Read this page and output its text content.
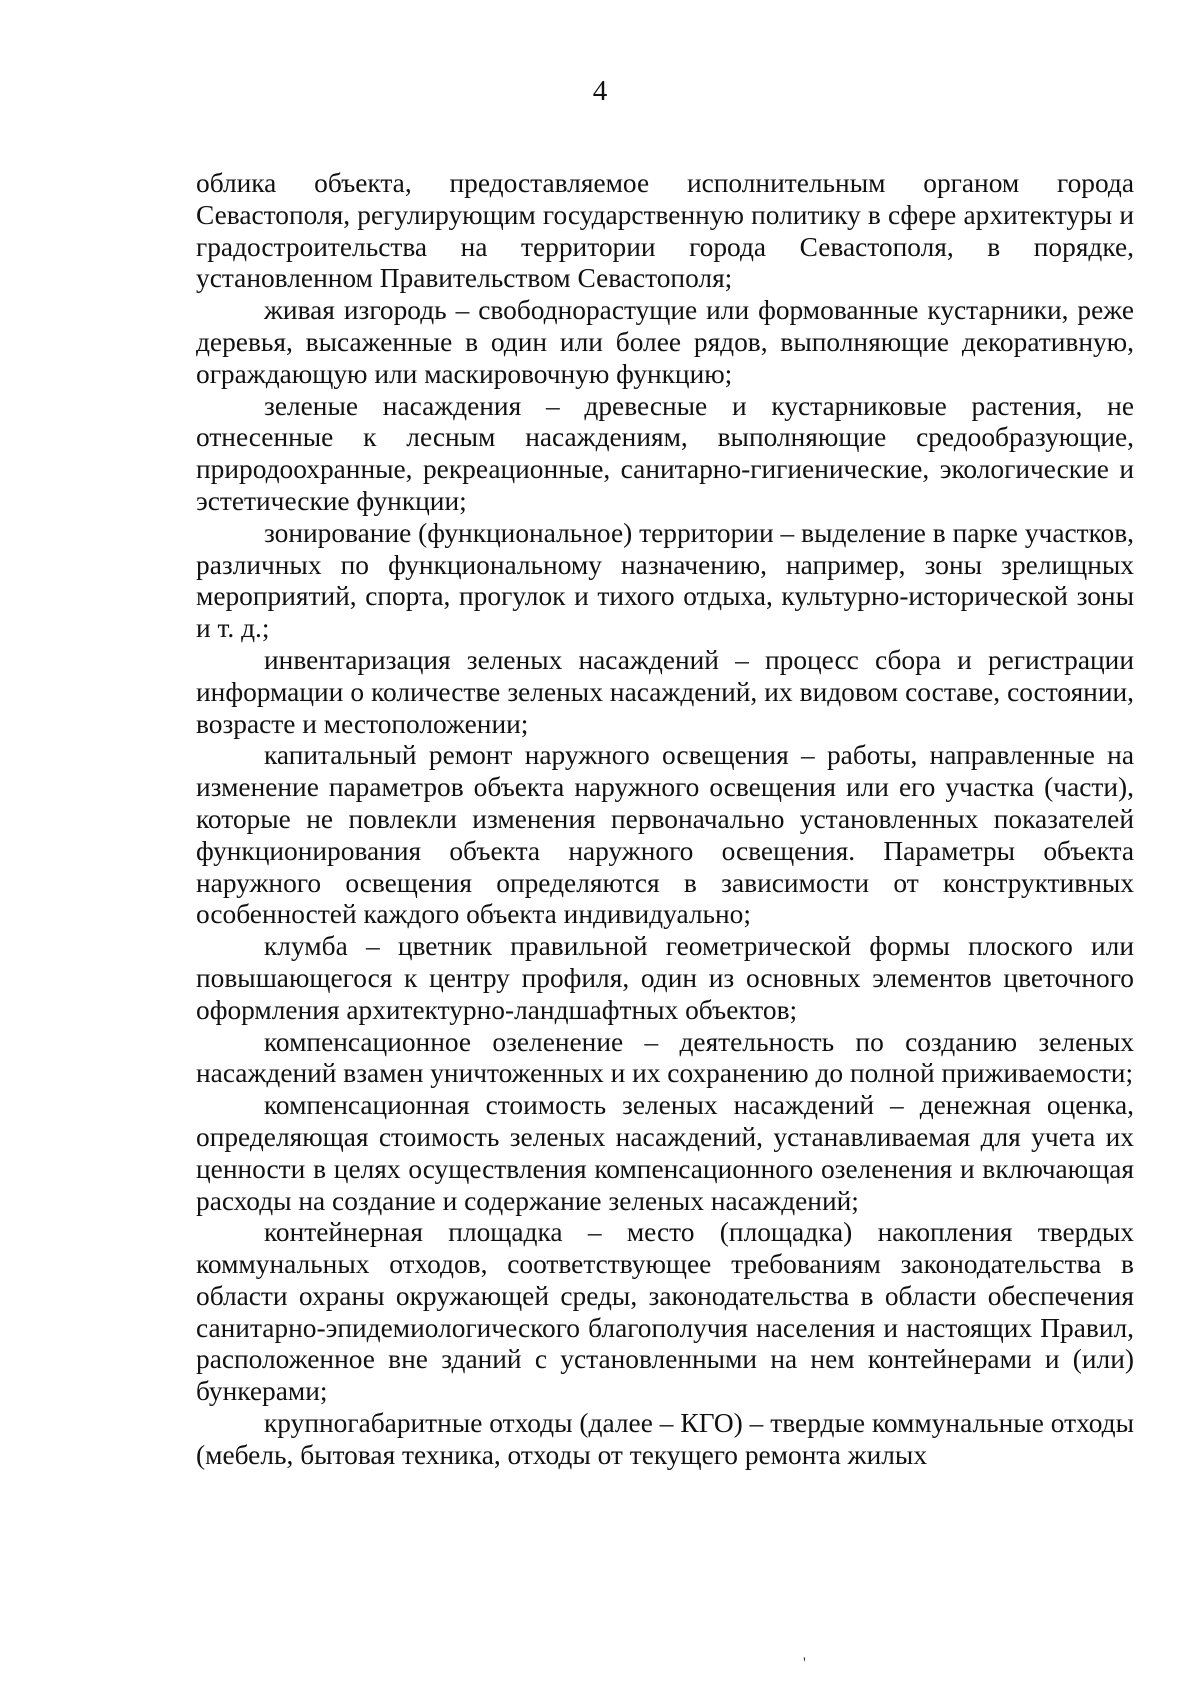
4

облика объекта, предоставляемое исполнительным органом города Севастополя, регулирующим государственную политику в сфере архитектуры и градостроительства на территории города Севастополя, в порядке, установленном Правительством Севастополя;

живая изгородь – свободнорастущие или формованные кустарники, реже деревья, высаженные в один или более рядов, выполняющие декоративную, ограждающую или маскировочную функцию;

зеленые насаждения – древесные и кустарниковые растения, не отнесенные к лесным насаждениям, выполняющие средообразующие, природоохранные, рекреационные, санитарно-гигиенические, экологические и эстетические функции;

зонирование (функциональное) территории – выделение в парке участков, различных по функциональному назначению, например, зоны зрелищных мероприятий, спорта, прогулок и тихого отдыха, культурно-исторической зоны и т. д.;

инвентаризация зеленых насаждений – процесс сбора и регистрации информации о количестве зеленых насаждений, их видовом составе, состоянии, возрасте и местоположении;

капитальный ремонт наружного освещения – работы, направленные на изменение параметров объекта наружного освещения или его участка (части), которые не повлекли изменения первоначально установленных показателей функционирования объекта наружного освещения. Параметры объекта наружного освещения определяются в зависимости от конструктивных особенностей каждого объекта индивидуально;

клумба – цветник правильной геометрической формы плоского или повышающегося к центру профиля, один из основных элементов цветочного оформления архитектурно-ландшафтных объектов;

компенсационное озеленение – деятельность по созданию зеленых насаждений взамен уничтоженных и их сохранению до полной приживаемости;

компенсационная стоимость зеленых насаждений – денежная оценка, определяющая стоимость зеленых насаждений, устанавливаемая для учета их ценности в целях осуществления компенсационного озеленения и включающая расходы на создание и содержание зеленых насаждений;

контейнерная площадка – место (площадка) накопления твердых коммунальных отходов, соответствующее требованиям законодательства в области охраны окружающей среды, законодательства в области обеспечения санитарно-эпидемиологического благополучия населения и настоящих Правил, расположенное вне зданий с установленными на нем контейнерами и (или) бункерами;

крупногабаритные отходы (далее – КГО) – твердые коммунальные отходы (мебель, бытовая техника, отходы от текущего ремонта жилых

'
